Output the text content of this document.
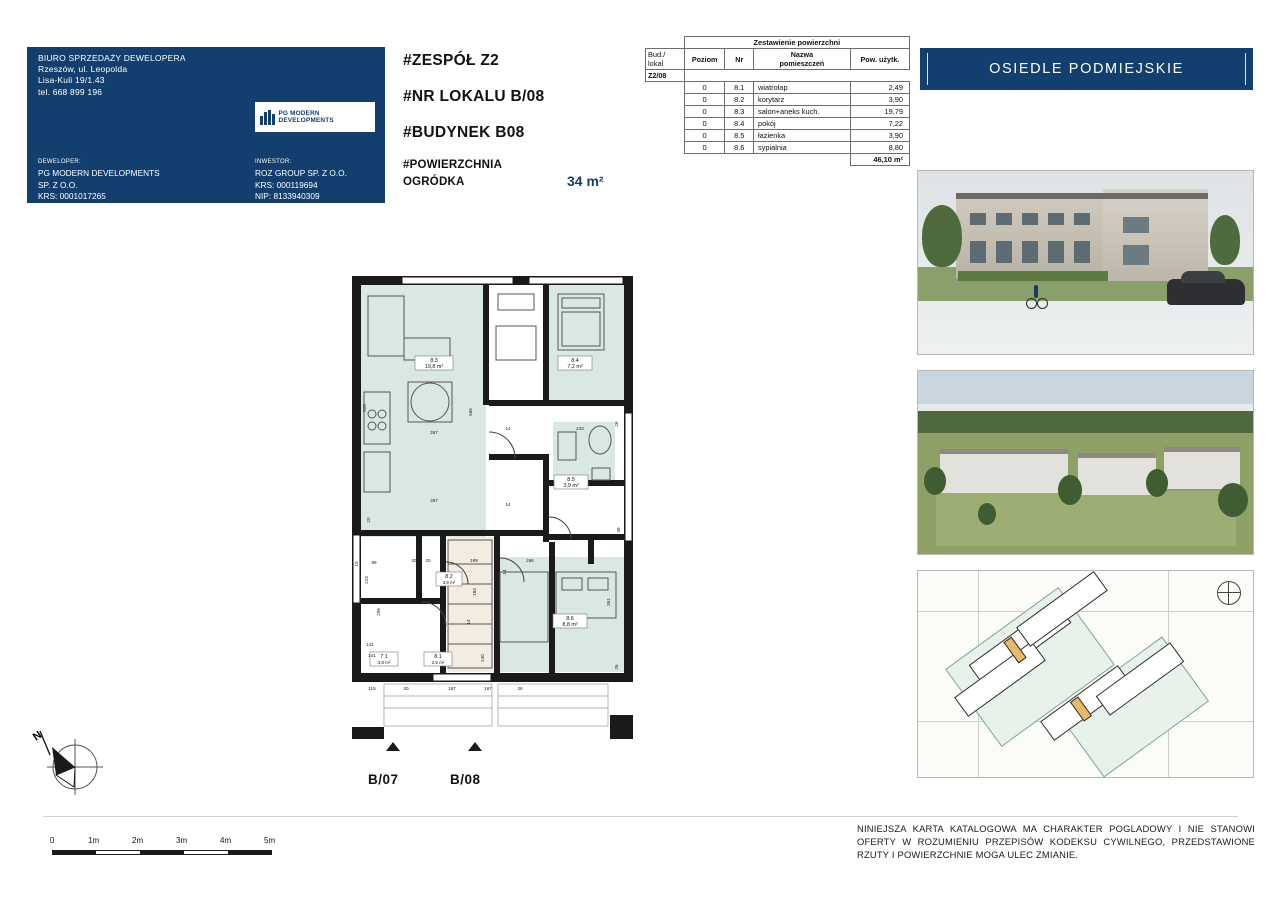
BIURO SPRZEDAŻY DEWELOPERA
Rzeszów, ul. Leopolda
Lisa-Kuli 19/1.43
tel. 668 899 196
PG MODERN DEVELOPMENTS
DEWELOPER:
PG MODERN DEVELOPMENTS
SP. Z O.O.
KRS: 0001017265
NIP: 8133753240
REGON: 368032510
INWESTOR:
ROZ GROUP SP. Z O.O.
KRS: 000119694
NIP: 8133940309
REGON: 542819022
#ZESPÓŁ Z2
#NR LOKALU B/08
#BUDYNEK B08
#POWIERZCHNIA
OGRÓDKA	34 m²
	Zestawienie powierzchni			
Bud./
lokal	Poziom	Nr	Nazwa
pomieszczeń	Pow. użytk.
Z2/08				
	0	8.1	wiatrołap	2,49
	0	8.2	korytarz	3,90
	0	8.3	salon+aneks kuch.	19,79
	0	8.4	pokój	7,22
	0	8.5	łazienka	3,90
	0	8.6	sypialnia	8,80
				46,10 m²
OSIEDLE PODMIEJSKIE
8.3
19,8 m²
8.4
7,2 m²
8.5
3,9 m²
8.6
8,8 m²
8.2
3,9 m²
7.1
3,8 m²
8.1
2,5 m²
P
520
19	367
565
367
14
14
243
26
26
20
19	99	20
223
20	199
184
266
14
14
141
256
141
115	20	167
140
167	26
19
351
39
B/07	B/08
N
0	1m	2m	3m	4m	5m
NINIEJSZA KARTA KATALOGOWA MA CHARAKTER POGLADOWY I NIE STANOWI OFERTY W ROZUMIENIU PRZEPISÓW KODEKSU CYWILNEGO, PRZEDSTAWIONE RZUTY I POWIERZCHNIE MOGA ULEC ZMIANIE.
